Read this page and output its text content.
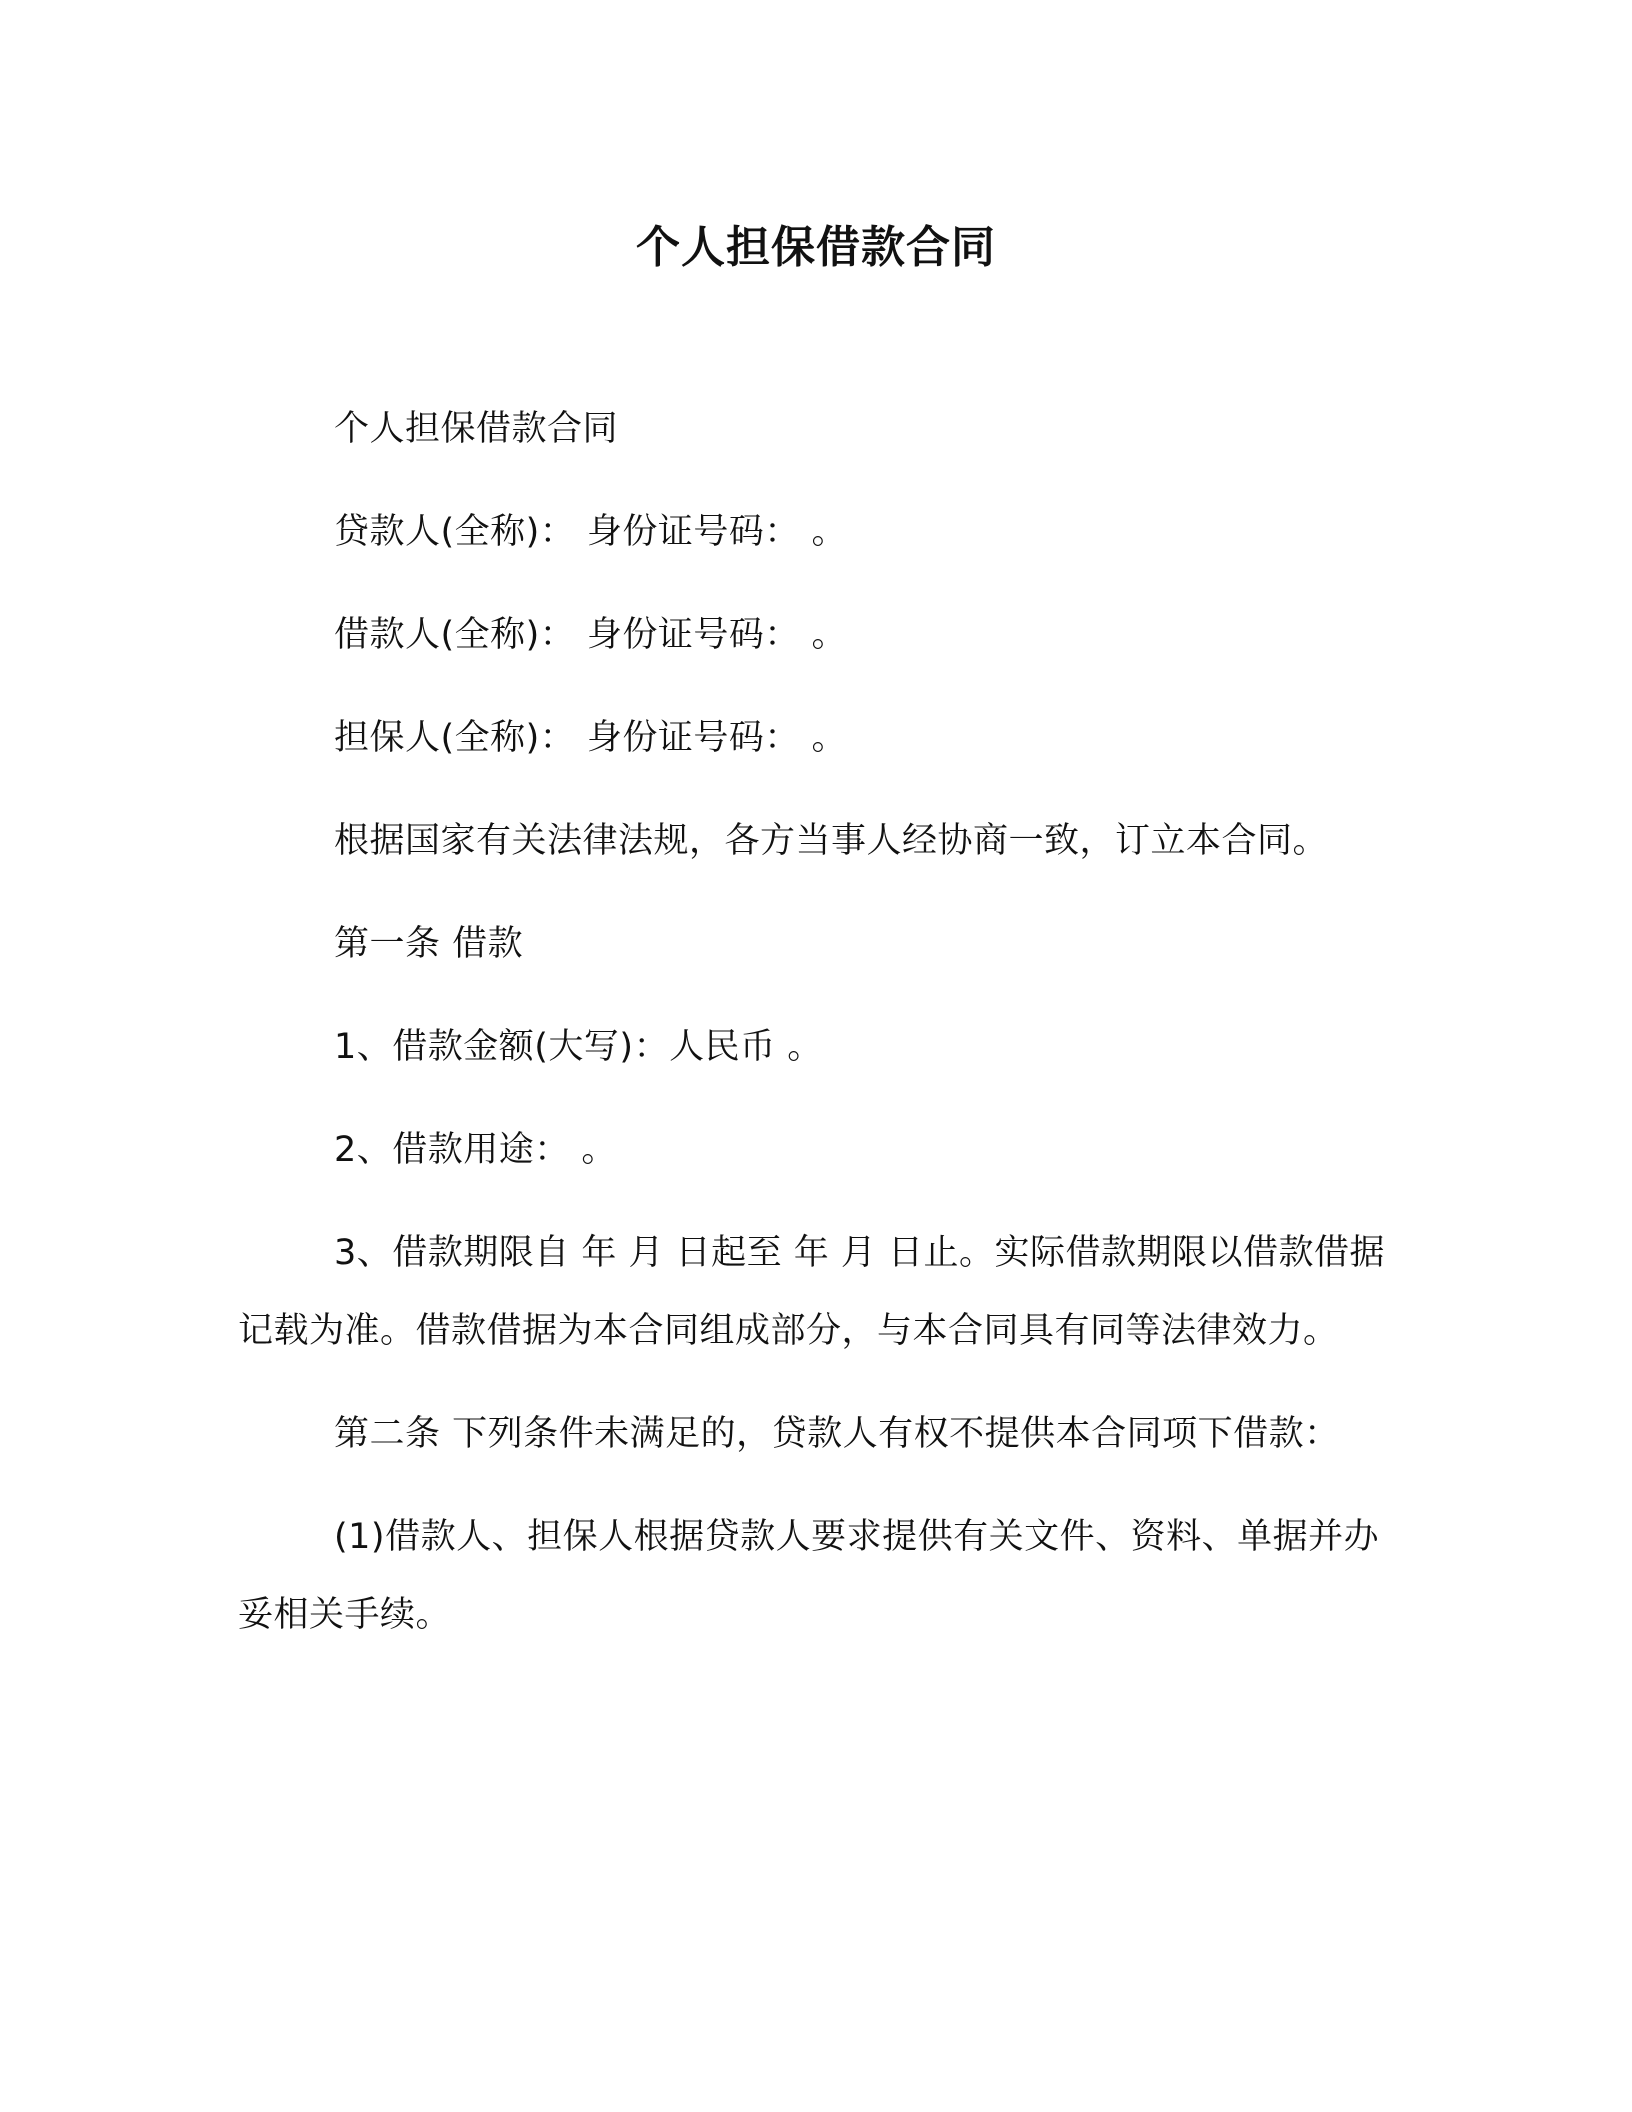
个人担保借款合同

个人担保借款合同

贷款人(全称)： 身份证号码： 。

借款人(全称)： 身份证号码： 。

担保人(全称)： 身份证号码： 。

根据国家有关法律法规，各方当事人经协商一致，订立本合同。

第一条 借款

1、借款金额(大写)：人民币 。

2、借款用途： 。

3、借款期限自 年 月 日起至 年 月 日止。实际借款期限以借款借据记载为准。借款借据为本合同组成部分，与本合同具有同等法律效力。

第二条 下列条件未满足的，贷款人有权不提供本合同项下借款：

(1)借款人、担保人根据贷款人要求提供有关文件、资料、单据并办妥相关手续。
